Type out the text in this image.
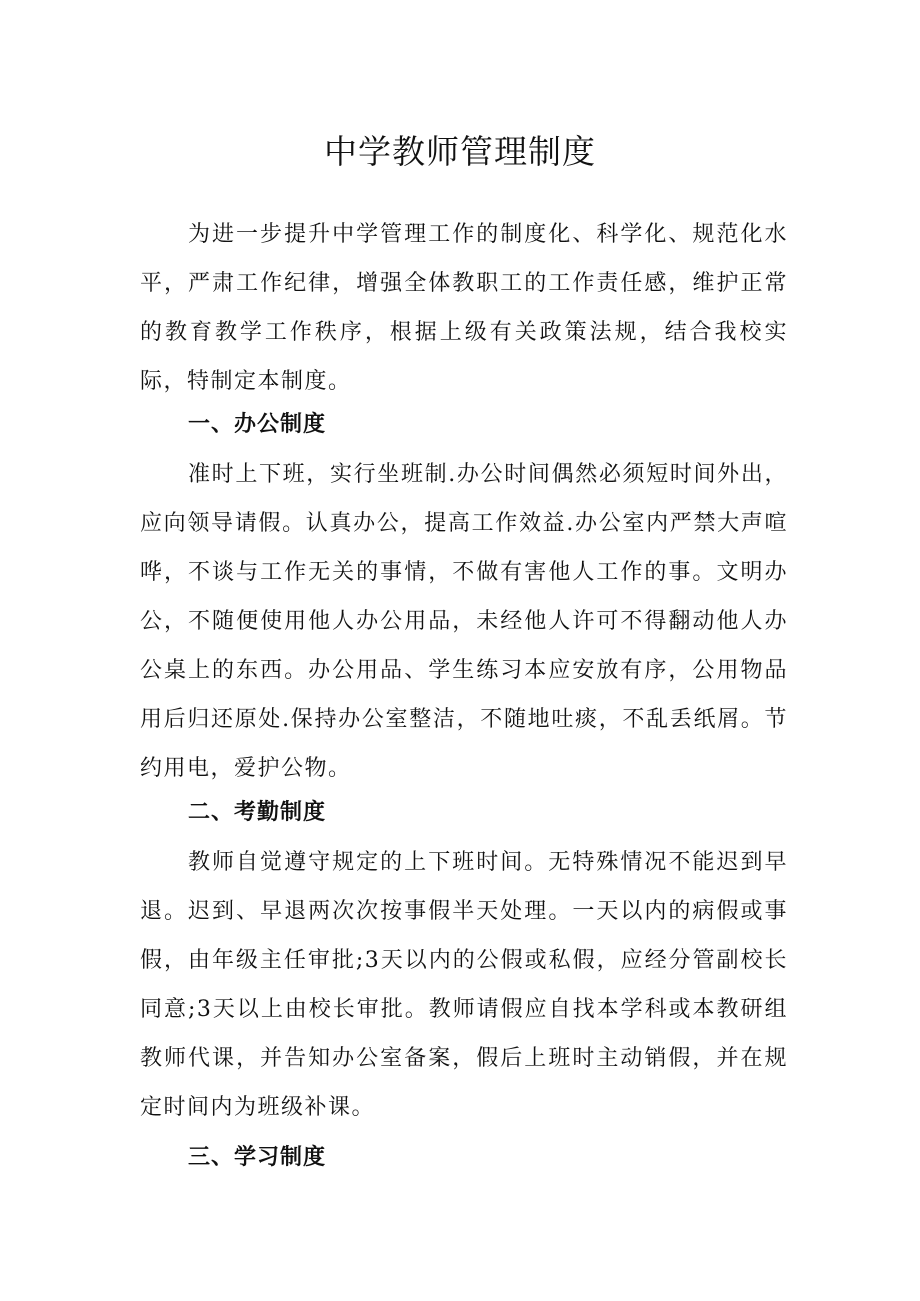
中学教师管理制度

为进一步提升中学管理工作的制度化、科学化、规范化水平，严肃工作纪律，增强全体教职工的工作责任感，维护正常的教育教学工作秩序，根据上级有关政策法规，结合我校实际，特制定本制度。

一、办公制度

准时上下班，实行坐班制.办公时间偶然必须短时间外出，应向领导请假。认真办公，提高工作效益.办公室内严禁大声喧哗，不谈与工作无关的事情，不做有害他人工作的事。文明办公，不随便使用他人办公用品，未经他人许可不得翻动他人办公桌上的东西。办公用品、学生练习本应安放有序，公用物品用后归还原处.保持办公室整洁，不随地吐痰，不乱丢纸屑。节约用电，爱护公物。

二、考勤制度

教师自觉遵守规定的上下班时间。无特殊情况不能迟到早退。迟到、早退两次次按事假半天处理。一天以内的病假或事假，由年级主任审批;3天以内的公假或私假，应经分管副校长同意;3天以上由校长审批。教师请假应自找本学科或本教研组教师代课，并告知办公室备案，假后上班时主动销假，并在规定时间内为班级补课。

三、学习制度
